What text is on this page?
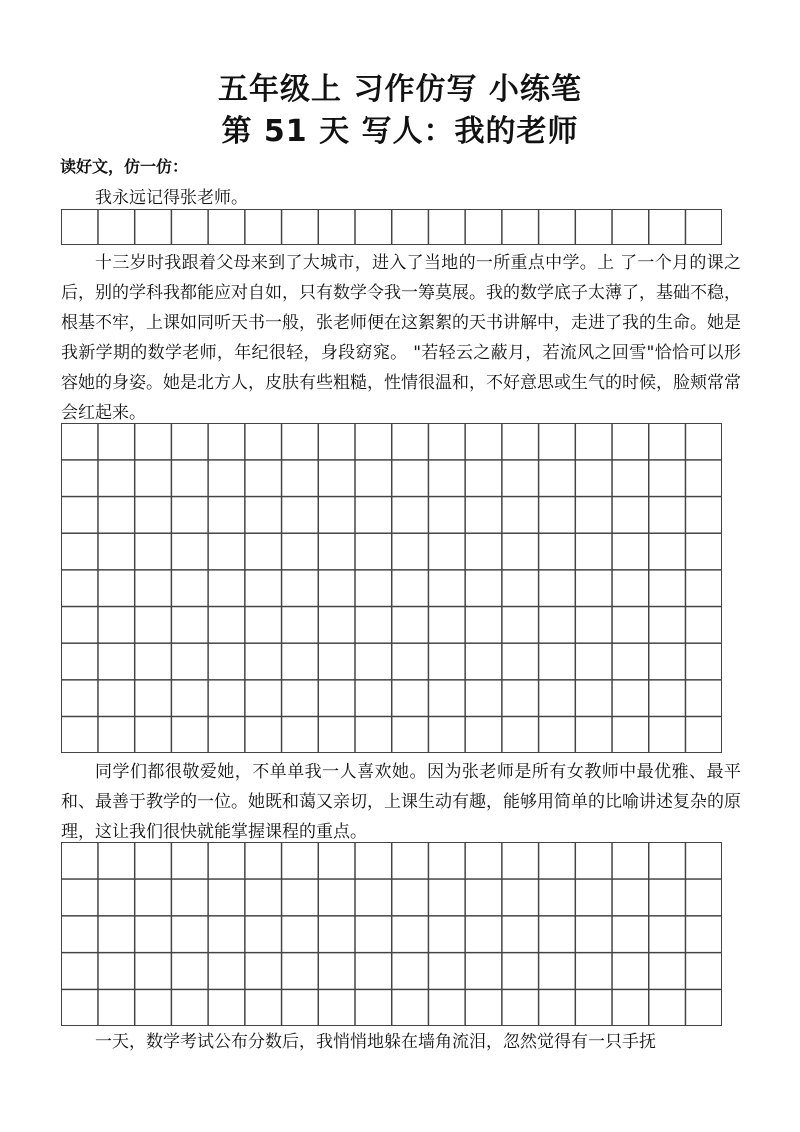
五年级上 习作仿写 小练笔
第 51 天 写人：我的老师
读好文，仿一仿：

我永远记得张老师。

十三岁时我跟着父母来到了大城市，进入了当地的一所重点中学。上 了一个月的课之后，别的学科我都能应对自如，只有数学令我一筹莫展。我的数学底子太薄了，基础不稳，根基不牢，上课如同听天书一般，张老师便在这絮絮的天书讲解中，走进了我的生命。她是我新学期的数学老师，年纪很轻，身段窈窕。 "若轻云之蔽月，若流风之回雪"恰恰可以形容她的身姿。她是北方人，皮肤有些粗糙，性情很温和，不好意思或生气的时候，脸颊常常会红起来。

同学们都很敬爱她，不单单我一人喜欢她。因为张老师是所有女教师中最优雅、最平和、最善于教学的一位。她既和蔼又亲切，上课生动有趣，能够用简单的比喻讲述复杂的原理，这让我们很快就能掌握课程的重点。

一天，数学考试公布分数后，我悄悄地躲在墙角流泪，忽然觉得有一只手抚
